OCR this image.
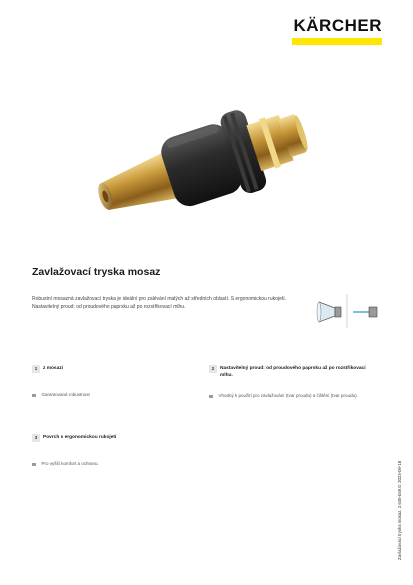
KÄRCHER
Zavlažovací tryska mosaz
Robustní mosazná zavlažovací tryska je ideální pro zalévání malých až středních oblastí. S ergonomickou rukojetí. Nastavitelný proud: od proudového paprsku až po rozstřikovací mlhu.
1 z mosazi
Garantovaná robustnost
2 Nastavitelný proud: od proudového paprsku až po rozstřikovací mlhu.
Vhodný k použití pro zavlažování (tvar proudu) a čištění (tvar proudu).
3 Povrch s ergonomickou rukojetí
Pro vyšší komfort a ochranu.	Zavlažovací tryska mosaz, 2.645-049.0, 2023-09-18
